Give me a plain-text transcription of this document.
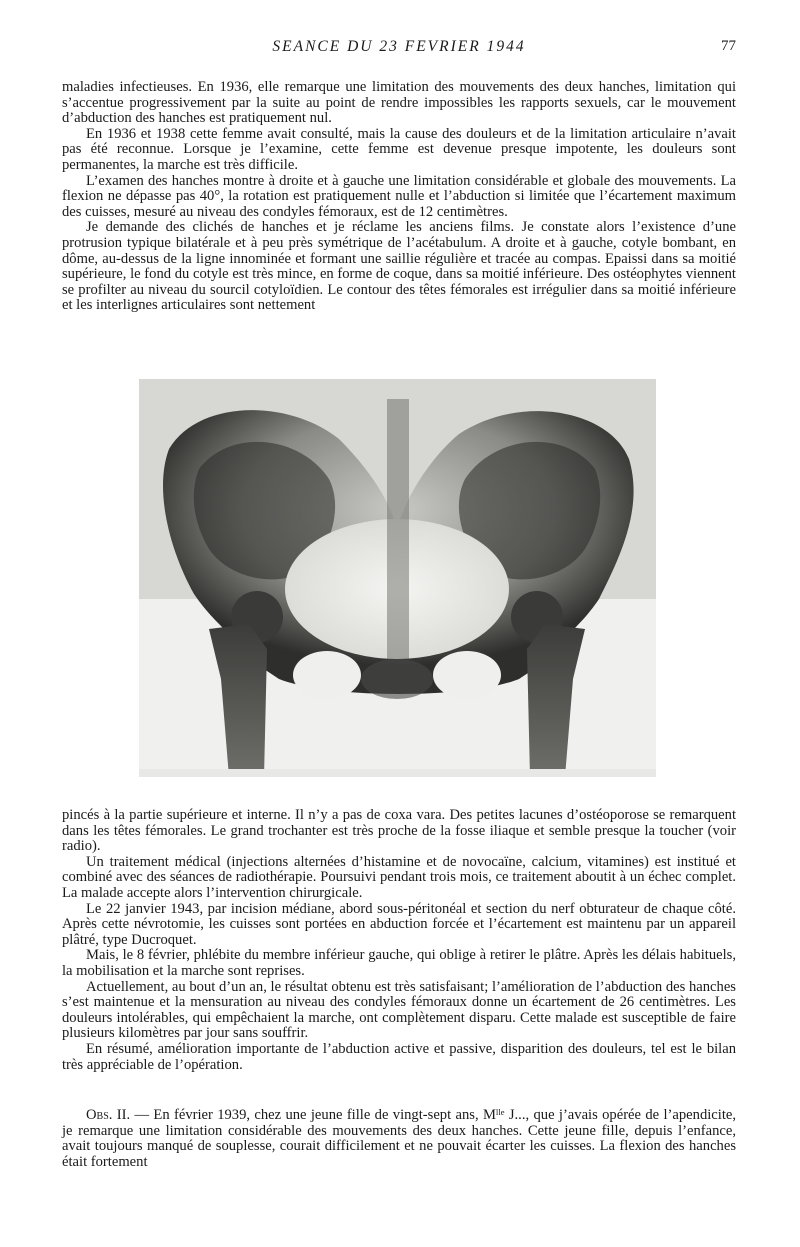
SEANCE DU 23 FEVRIER 1944	77

maladies infectieuses. En 1936, elle remarque une limitation des mouvements des deux hanches, limitation qui s’accentue progressivement par la suite au point de rendre impossibles les rapports sexuels, car le mouvement d’abduction des hanches est pratiquement nul.

En 1936 et 1938 cette femme avait consulté, mais la cause des douleurs et de la limitation articulaire n’avait pas été reconnue. Lorsque je l’examine, cette femme est devenue presque impotente, les douleurs sont permanentes, la marche est très difficile.

L’examen des hanches montre à droite et à gauche une limitation considérable et globale des mouvements. La flexion ne dépasse pas 40°, la rotation est pratiquement nulle et l’abduction si limitée que l’écartement maximum des cuisses, mesuré au niveau des condyles fémoraux, est de 12 centimètres.

Je demande des clichés de hanches et je réclame les anciens films. Je constate alors l’existence d’une protrusion typique bilatérale et à peu près symétrique de l’acétabulum. A droite et à gauche, cotyle bombant, en dôme, au-dessus de la ligne innominée et formant une saillie régulière et tracée au compas. Epaissi dans sa moitié supérieure, le fond du cotyle est très mince, en forme de coque, dans sa moitié inférieure. Des ostéophytes viennent se profilter au niveau du sourcil cotyloïdien. Le contour des têtes fémorales est irrégulier dans sa moitié inférieure et les interlignes articulaires sont nettement

pincés à la partie supérieure et interne. Il n’y a pas de coxa vara. Des petites lacunes d’ostéoporose se remarquent dans les têtes fémorales. Le grand trochanter est très proche de la fosse iliaque et semble presque la toucher (voir radio).

Un traitement médical (injections alternées d’histamine et de novocaïne, calcium, vitamines) est institué et combiné avec des séances de radiothérapie. Poursuivi pendant trois mois, ce traitement aboutit à un échec complet. La malade accepte alors l’intervention chirurgicale.

Le 22 janvier 1943, par incision médiane, abord sous-péritonéal et section du nerf obturateur de chaque côté. Après cette névrotomie, les cuisses sont portées en abduction forcée et l’écartement est maintenu par un appareil plâtré, type Ducroquet.

Mais, le 8 février, phlébite du membre inférieur gauche, qui oblige à retirer le plâtre. Après les délais habituels, la mobilisation et la marche sont reprises.

Actuellement, au bout d’un an, le résultat obtenu est très satisfaisant; l’amélioration de l’abduction des hanches s’est maintenue et la mensuration au niveau des condyles fémoraux donne un écartement de 26 centimètres. Les douleurs intolérables, qui empêchaient la marche, ont complètement disparu. Cette malade est susceptible de faire plusieurs kilomètres par jour sans souffrir.

En résumé, amélioration importante de l’abduction active et passive, disparition des douleurs, tel est le bilan très appréciable de l’opération.

Obs. II. — En février 1939, chez une jeune fille de vingt-sept ans, Mˡˡᵉ J..., que j’avais opérée de l’apendicite, je remarque une limitation considérable des mouvements des deux hanches. Cette jeune fille, depuis l’enfance, avait toujours manqué de souplesse, courait difficilement et ne pouvait écarter les cuisses. La flexion des hanches était fortement
